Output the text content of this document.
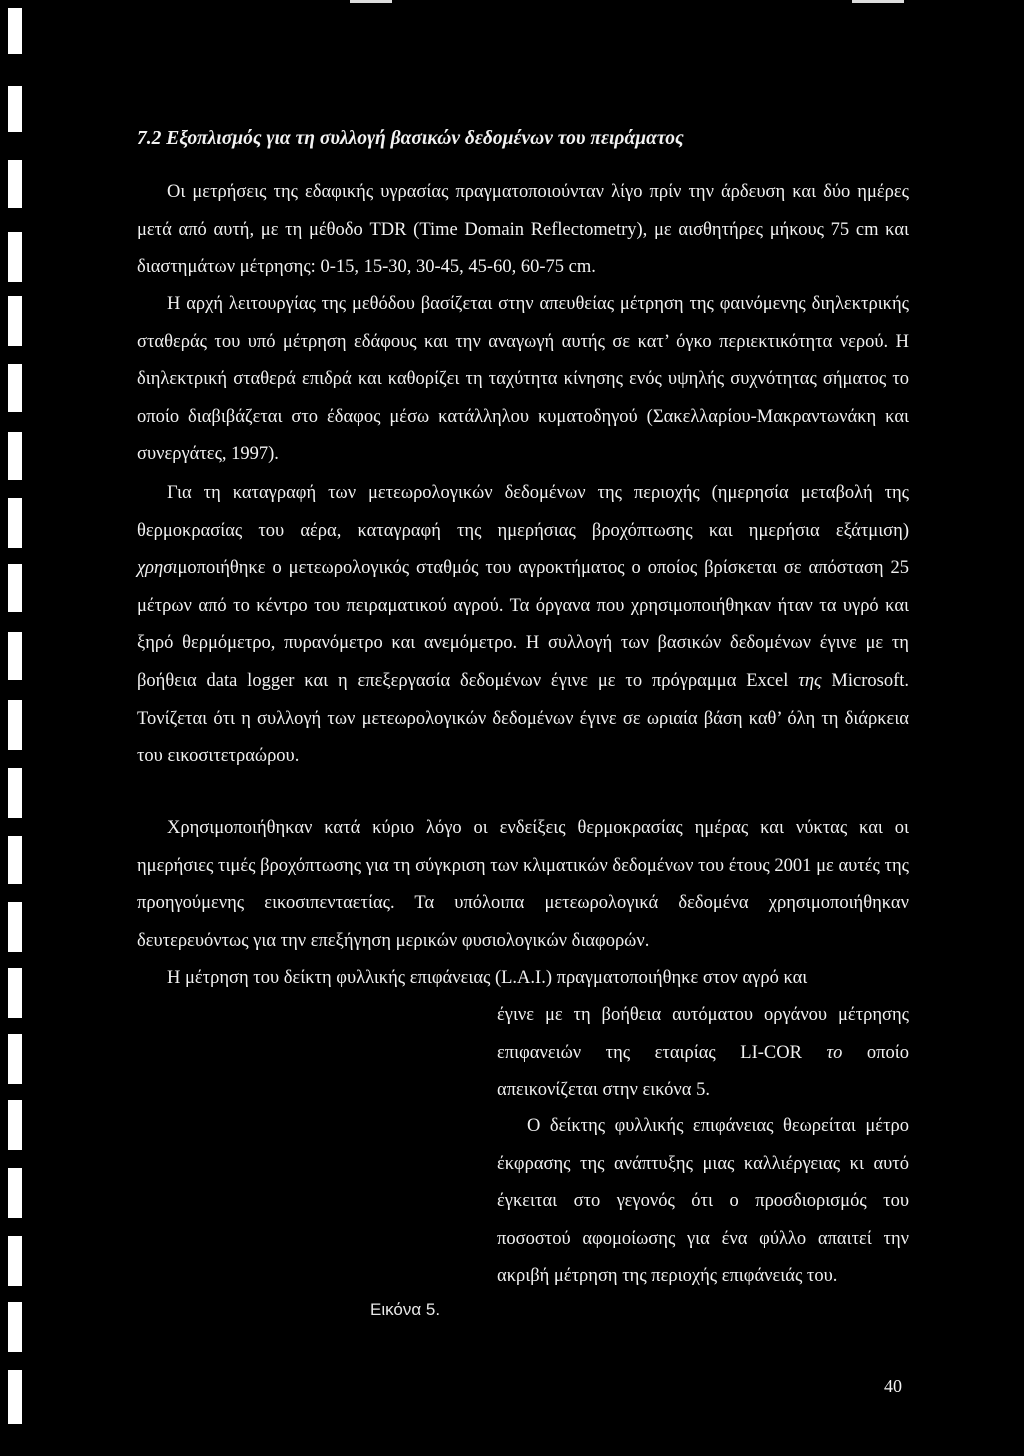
7.2 Εξοπλισμός για τη συλλογή βασικών δεδομένων του πειράματος

Οι μετρήσεις της εδαφικής υγρασίας πραγματοποιούνταν λίγο πρίν την άρδευση και δύο ημέρες μετά από αυτή, με τη μέθοδο TDR (Time Domain Reflectometry), με αισθητήρες μήκους 75 cm και διαστημάτων μέτρησης: 0-15, 15-30, 30-45, 45-60, 60-75 cm.

Η αρχή λειτουργίας της μεθόδου βασίζεται στην απευθείας μέτρηση της φαινόμενης διηλεκτρικής σταθεράς του υπό μέτρηση εδάφους και την αναγωγή αυτής σε κατ’ όγκο περιεκτικότητα νερού. Η διηλεκτρική σταθερά επιδρά και καθορίζει τη ταχύτητα κίνησης ενός υψηλής συχνότητας σήματος το οποίο διαβιβάζεται στο έδαφος μέσω κατάλληλου κυματοδηγού (Σακελλαρίου-Μακραντωνάκη και συνεργάτες, 1997).

Για τη καταγραφή των μετεωρολογικών δεδομένων της περιοχής (ημερησία μεταβολή της θερμοκρασίας του αέρα, καταγραφή της ημερήσιας βροχόπτωσης και ημερήσια εξάτμιση) χρησιμοποιήθηκε ο μετεωρολογικός σταθμός του αγροκτήματος ο οποίος βρίσκεται σε απόσταση 25 μέτρων από το κέντρο του πειραματικού αγρού. Τα όργανα που χρησιμοποιήθηκαν ήταν τα υγρό και ξηρό θερμόμετρο, πυρανόμετρο και ανεμόμετρο. Η συλλογή των βασικών δεδομένων έγινε με τη βοήθεια data logger και η επεξεργασία δεδομένων έγινε με το πρόγραμμα Excel της Microsoft. Τονίζεται ότι η συλλογή των μετεωρολογικών δεδομένων έγινε σε ωριαία βάση καθ’ όλη τη διάρκεια του εικοσιτετραώρου.

Χρησιμοποιήθηκαν κατά κύριο λόγο οι ενδείξεις θερμοκρασίας ημέρας και νύκτας και οι ημερήσιες τιμές βροχόπτωσης για τη σύγκριση των κλιματικών δεδομένων του έτους 2001 με αυτές της προηγούμενης εικοσιπενταετίας. Τα υπόλοιπα μετεωρολογικά δεδομένα χρησιμοποιήθηκαν δευτερευόντως για την επεξήγηση μερικών φυσιολογικών διαφορών.

Η μέτρηση του δείκτη φυλλικής επιφάνειας (L.A.I.) πραγματοποιήθηκε στον αγρό και

έγινε με τη βοήθεια αυτόματου οργάνου μέτρησης επιφανειών της εταιρίας LI-COR το οποίο απεικονίζεται στην εικόνα 5.

Ο δείκτης φυλλικής επιφάνειας θεωρείται μέτρο έκφρασης της ανάπτυξης μιας καλλιέργειας κι αυτό έγκειται στο γεγονός ότι ο προσδιορισμός του ποσοστού αφομοίωσης για ένα φύλλο απαιτεί την ακριβή μέτρηση της περιοχής επιφάνειάς του.

Εικόνα 5.
40
